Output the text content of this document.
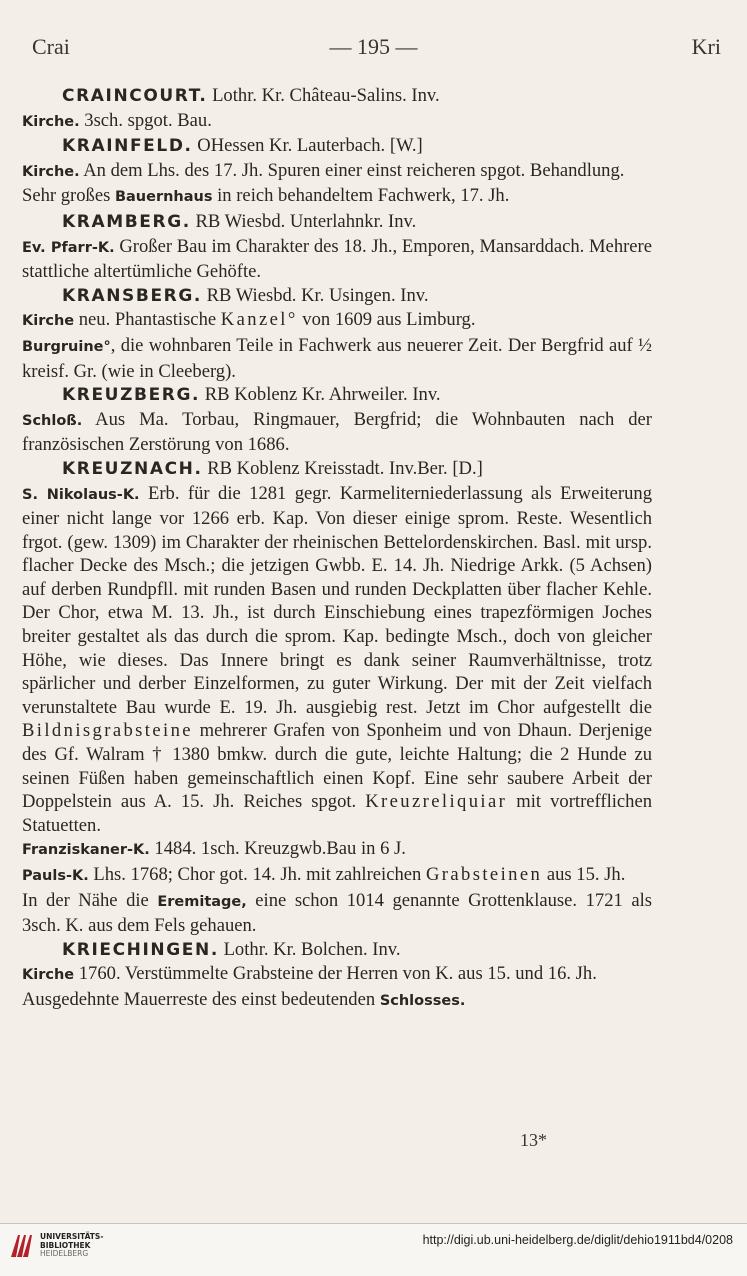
Crai	— 195 —	Kri

CRAINCOURT. Lothr. Kr. Château-Salins. Inv.

Kirche. 3sch. spgot. Bau.

KRAINFELD. OHessen Kr. Lauterbach. [W.]

Kirche. An dem Lhs. des 17. Jh. Spuren einer einst reicheren spgot. Behandlung.

Sehr großes Bauernhaus in reich behandeltem Fachwerk, 17. Jh.

KRAMBERG. RB Wiesbd. Unterlahnkr. Inv.

Ev. Pfarr-K. Großer Bau im Charakter des 18. Jh., Emporen, Mansarddach. Mehrere stattliche altertümliche Gehöfte.

KRANSBERG. RB Wiesbd. Kr. Usingen. Inv.

Kirche neu. Phantastische Kanzel° von 1609 aus Limburg.

Burgruine°, die wohnbaren Teile in Fachwerk aus neuerer Zeit. Der Bergfrid auf ½ kreisf. Gr. (wie in Cleeberg).

KREUZBERG. RB Koblenz Kr. Ahrweiler. Inv.

Schloß. Aus Ma. Torbau, Ringmauer, Bergfrid; die Wohnbauten nach der französischen Zerstörung von 1686.

KREUZNACH. RB Koblenz Kreisstadt. Inv.Ber. [D.]

S. Nikolaus-K. Erb. für die 1281 gegr. Karmeliterniederlassung als Erweiterung einer nicht lange vor 1266 erb. Kap. Von dieser einige sprom. Reste. Wesentlich frgot. (gew. 1309) im Charakter der rheinischen Bettelordenskirchen. Basl. mit ursp. flacher Decke des Msch.; die jetzigen Gwbb. E. 14. Jh. Niedrige Arkk. (5 Achsen) auf derben Rundpfll. mit runden Basen und runden Deckplatten über flacher Kehle. Der Chor, etwa M. 13. Jh., ist durch Einschiebung eines trapezförmigen Joches breiter gestaltet als das durch die sprom. Kap. bedingte Msch., doch von gleicher Höhe, wie dieses. Das Innere bringt es dank seiner Raumverhältnisse, trotz spärlicher und derber Einzelformen, zu guter Wirkung. Der mit der Zeit vielfach verunstaltete Bau wurde E. 19. Jh. ausgiebig rest. Jetzt im Chor aufgestellt die Bildnisgrabsteine mehrerer Grafen von Sponheim und von Dhaun. Derjenige des Gf. Walram † 1380 bmkw. durch die gute, leichte Haltung; die 2 Hunde zu seinen Füßen haben gemeinschaftlich einen Kopf. Eine sehr saubere Arbeit der Doppelstein aus A. 15. Jh. Reiches spgot. Kreuzreliquiar mit vortrefflichen Statuetten.

Franziskaner-K. 1484. 1sch. Kreuzgwb.Bau in 6 J.

Pauls-K. Lhs. 1768; Chor got. 14. Jh. mit zahlreichen Grabsteinen aus 15. Jh.

In der Nähe die Eremitage, eine schon 1014 genannte Grottenklause. 1721 als 3sch. K. aus dem Fels gehauen.

KRIECHINGEN. Lothr. Kr. Bolchen. Inv.

Kirche 1760. Verstümmelte Grabsteine der Herren von K. aus 15. und 16. Jh.

Ausgedehnte Mauerreste des einst bedeutenden Schlosses.

13*
UNIVERSITÄTS-
BIBLIOTHEK
HEIDELBERG
http://digi.ub.uni-heidelberg.de/diglit/dehio1911bd4/0208
